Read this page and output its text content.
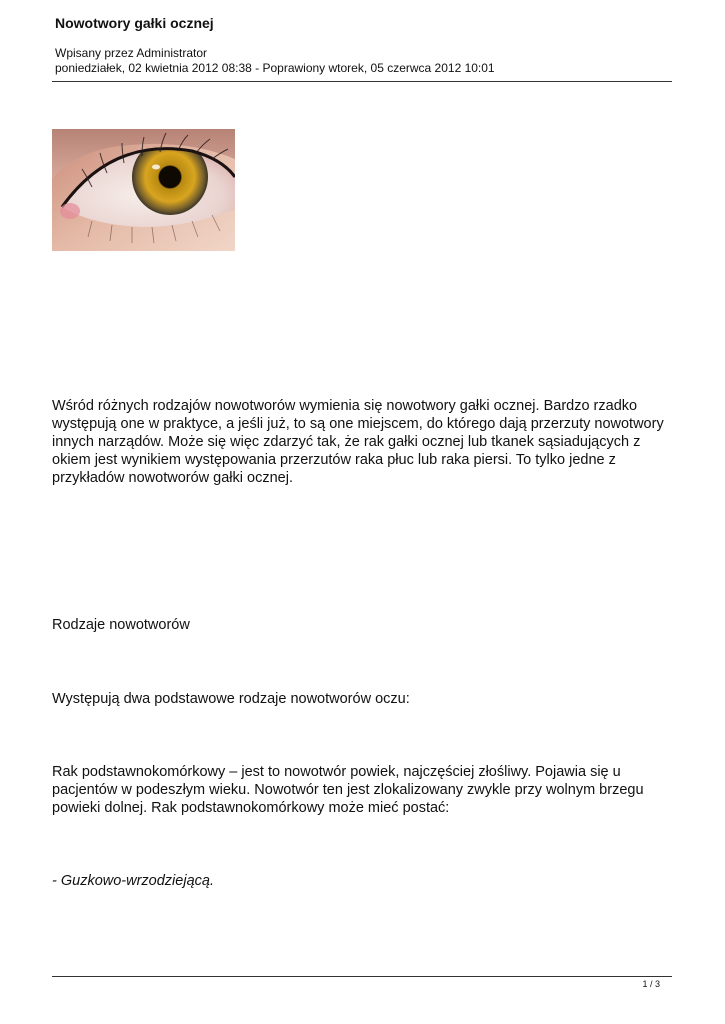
Nowotwory gałki ocznej
Wpisany przez Administrator
poniedziałek, 02 kwietnia 2012 08:38 - Poprawiony wtorek, 05 czerwca 2012 10:01

Wśród różnych rodzajów nowotworów wymienia się nowotwory gałki ocznej. Bardzo rzadko występują one w praktyce, a jeśli już, to są one miejscem, do którego dają przerzuty nowotwory innych narządów. Może się więc zdarzyć tak, że rak gałki ocznej lub tkanek sąsiadujących z okiem jest wynikiem występowania przerzutów raka płuc lub raka piersi. To tylko jedne z przykładów nowotworów gałki ocznej.

Rodzaje nowotworów

Występują dwa podstawowe rodzaje nowotworów oczu:

Rak podstawnokomórkowy – jest to nowotwór powiek, najczęściej złośliwy. Pojawia się u pacjentów w podeszłym wieku. Nowotwór ten jest zlokalizowany zwykle przy wolnym brzegu powieki dolnej. Rak podstawnokomórkowy może mieć postać:

- Guzkowo-wrzodziejącą.

1 / 3
